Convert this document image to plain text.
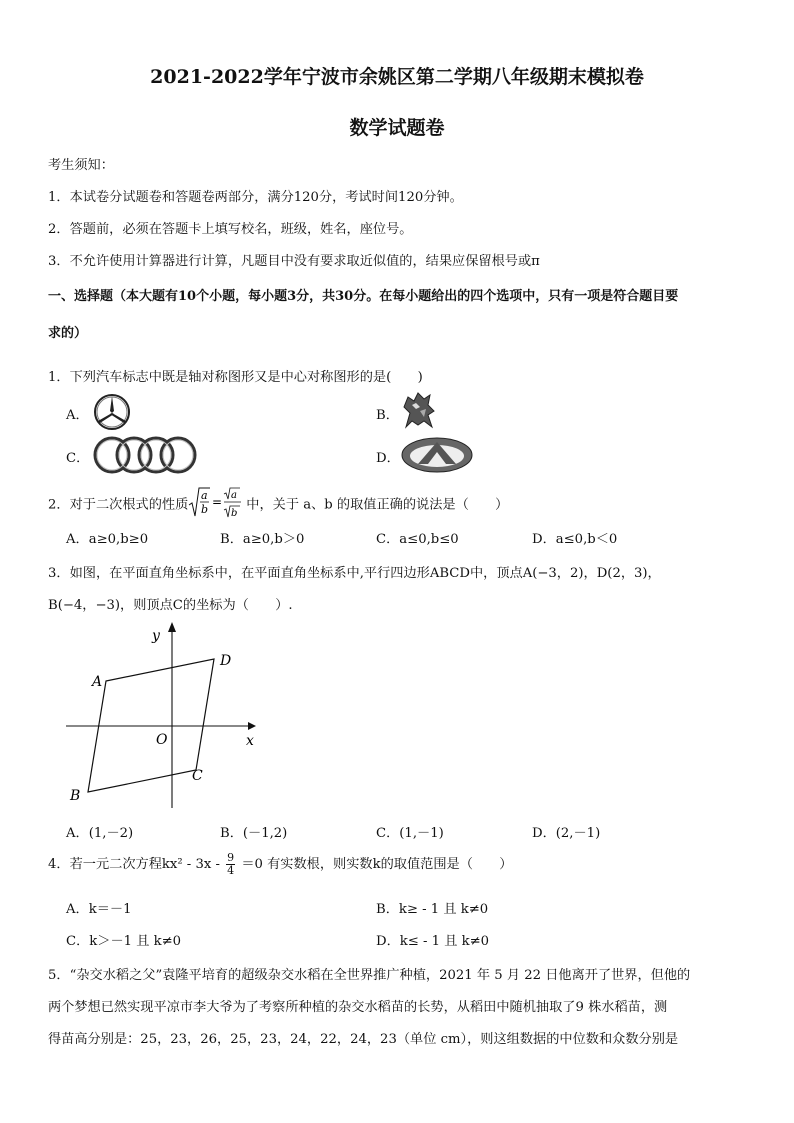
2021-2022学年宁波市余姚区第二学期八年级期末模拟卷
数学试题卷
考生须知：
1．本试卷分试题卷和答题卷两部分，满分120分，考试时间120分钟。
2．答题前，必须在答题卡上填写校名，班级，姓名，座位号。
3．不允许使用计算器进行计算，凡题目中没有要求取近似值的，结果应保留根号或π
一、选择题（本大题有10个小题，每小题3分，共30分。在每小题给出的四个选项中，只有一项是符合题目要
求的）
1．下列汽车标志中既是轴对称图形又是中心对称图形的是(　　)
A．	B．
C．	D．
2．对于二次根式的性质
a
b
= a
b
中，关于 a、b 的取值正确的说法是（　　）
A．a≥0,b≥0	B．a≥0,b＞0	C．a≤0,b≤0	D．a≤0,b＜0
3．如图，在平面直角坐标系中，在平面直角坐标系中,平行四边形ABCD中，顶点A(−3，2)，D(2，3)，
B(−4，−3)，则顶点C的坐标为（　　）.
y
x
O
A
B
C
D
A．(1,－2)	B．(－1,2)	C．(1,－1)	D．(2,－1)
4．若一元二次方程$kx^2 - 3x - \frac{9}{4} =0$ 有实数根，则实数k的取值范围是（　　）
A．k＝－1	B．k≥ - 1 且 k≠0
C．k＞－1 且 k≠0	D．k≤ - 1 且 k≠0
5．“杂交水稻之父”袁隆平培育的超级杂交水稻在全世界推广种植，2021 年 5 月 22 日他离开了世界，但他的
两个梦想已然实现平凉市李大爷为了考察所种植的杂交水稻苗的长势，从稻田中随机抽取了9 株水稻苗，测
得苗高分别是：25，23，26，25，23，24，22，24，23（单位 cm），则这组数据的中位数和众数分别是
